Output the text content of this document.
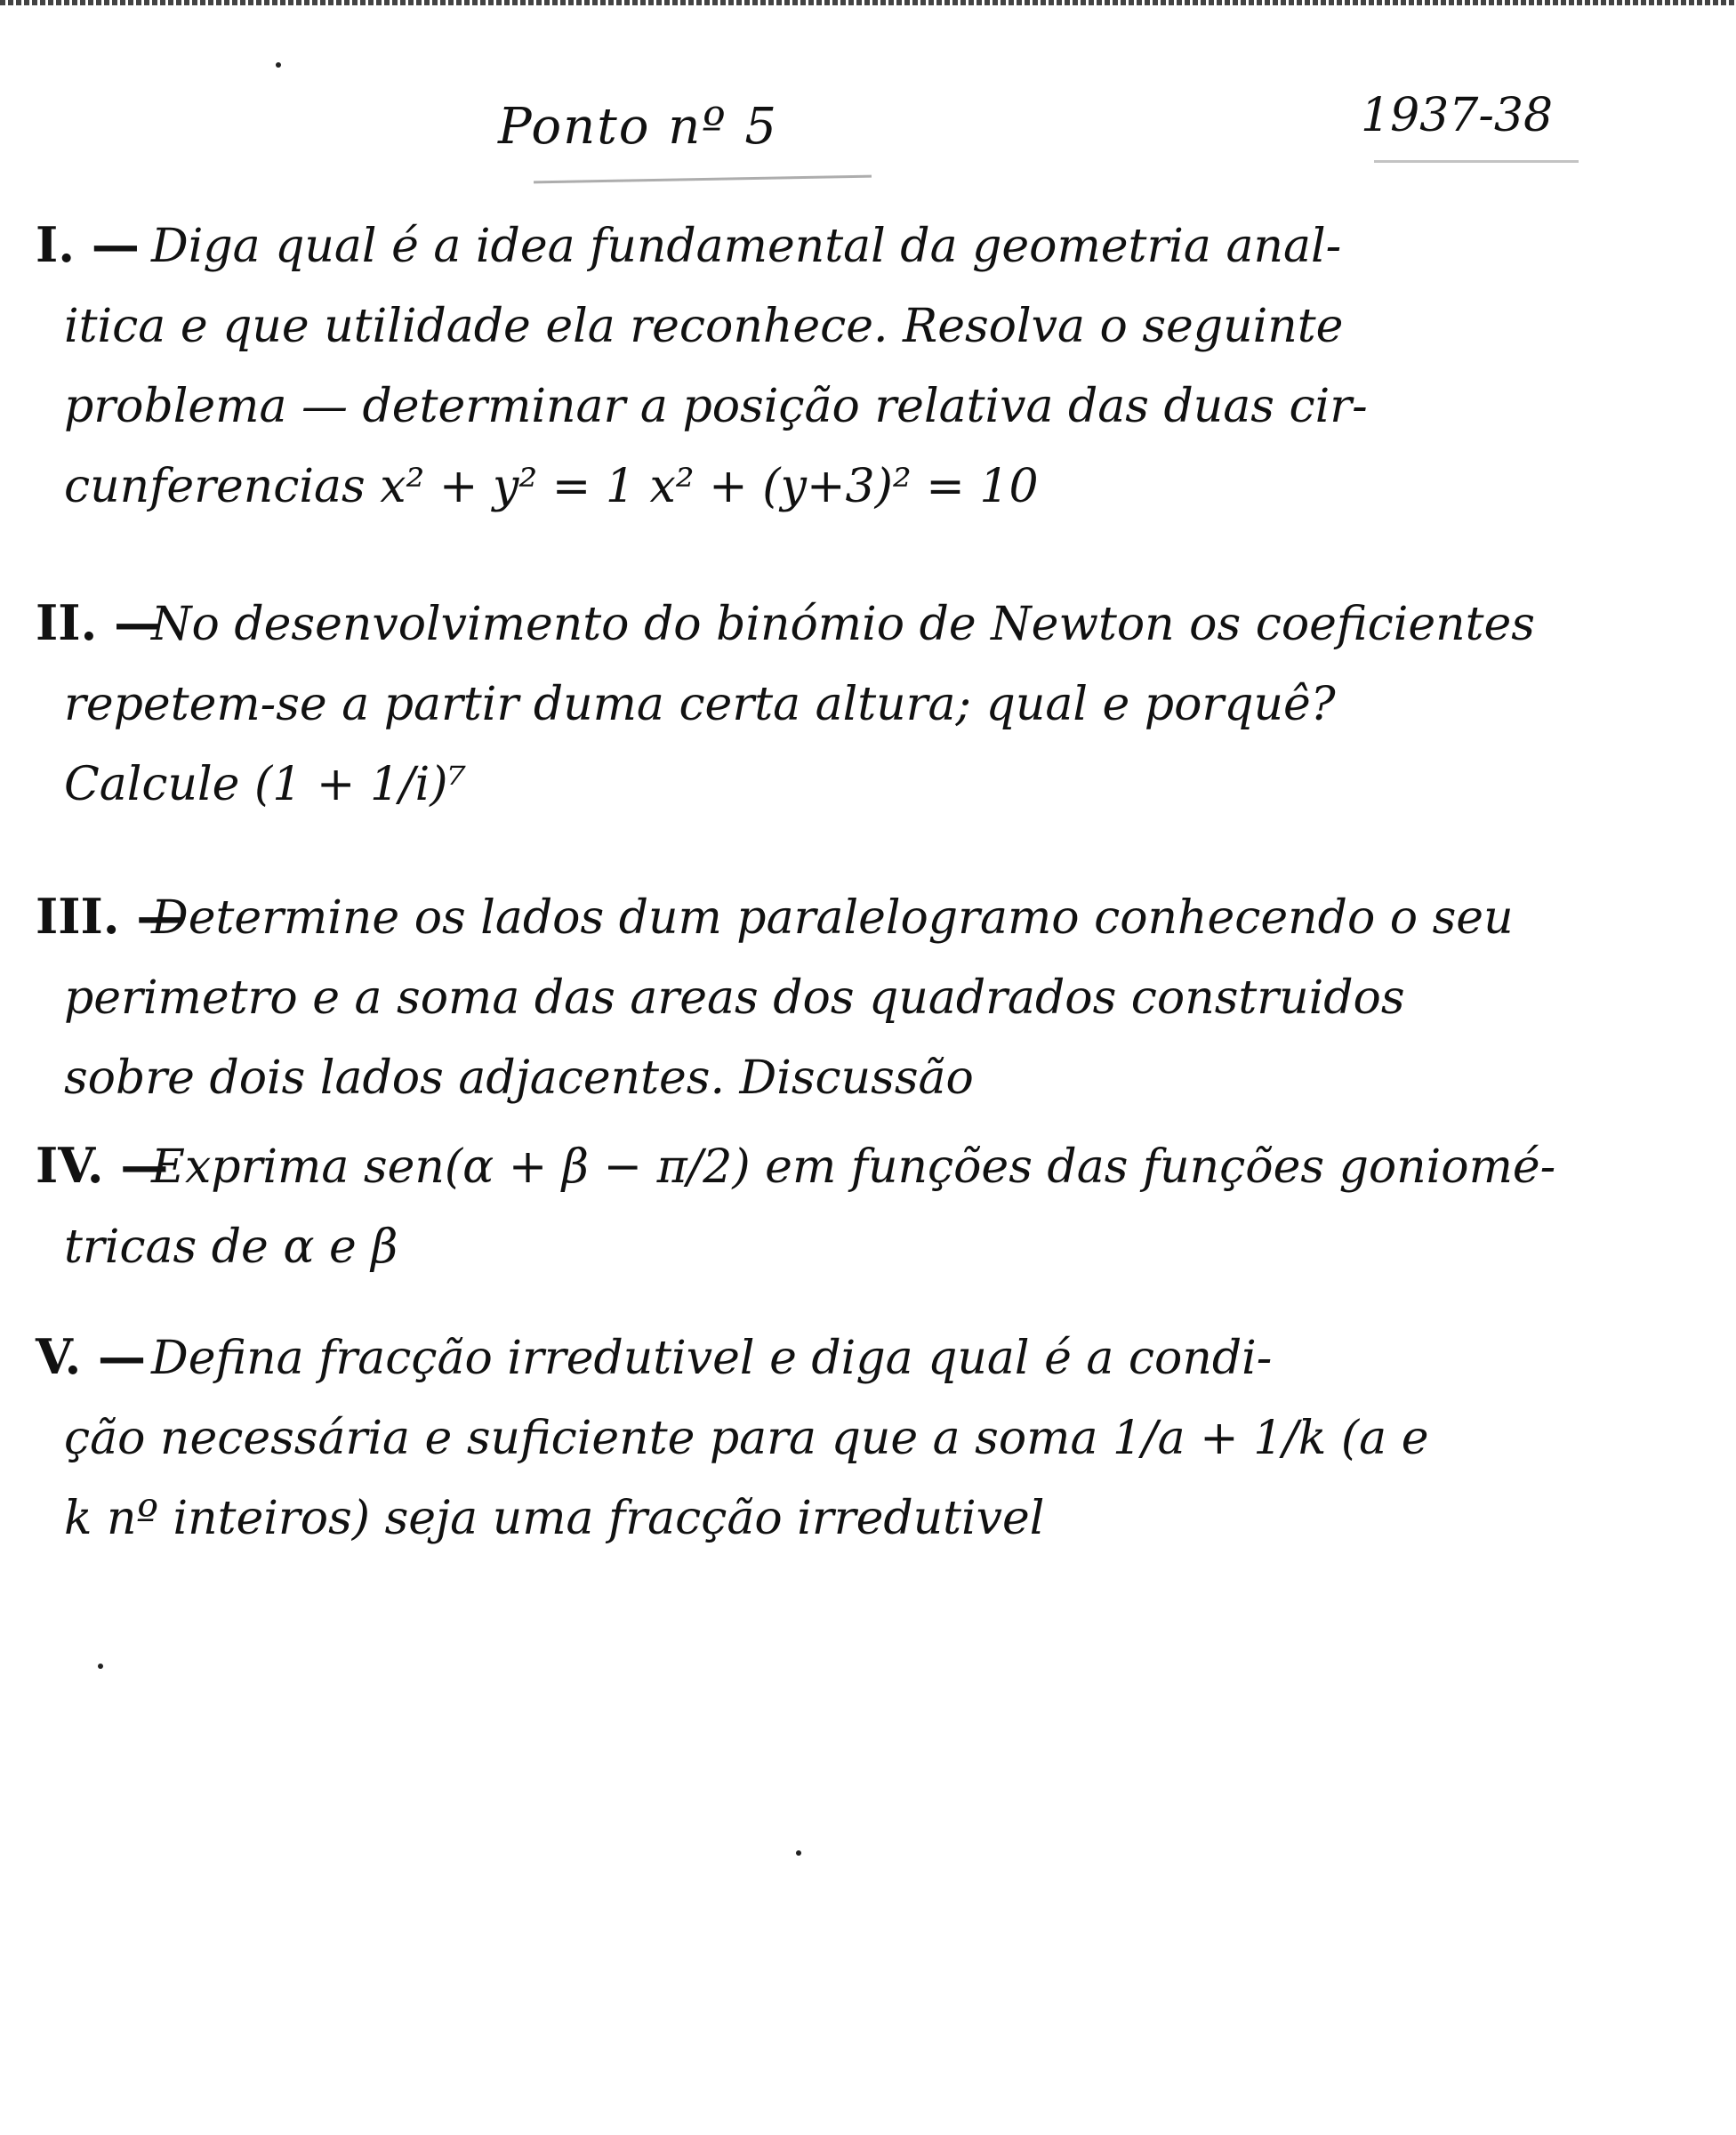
Ponto nº 5	1937-38
I. — Diga qual é a idea fundamental da geometria anal-
itica e que utilidade ela reconhece. Resolva o seguinte
problema — determinar a posição relativa das duas cir-
cunferencias x² + y² = 1 x² + (y+3)² = 10
II. —
No desenvolvimento do binómio de Newton os coeficientes
repetem-se a partir duma certa altura; qual e porquê?
Calcule (1 + 1/i)⁷
III. —
Determine os lados dum paralelogramo conhecendo o seu
perimetro e a soma das areas dos quadrados construidos
sobre dois lados adjacentes. Discussão
IV. —
Exprima sen(α + β − π/2) em funções das funções goniomé-
tricas de α e β
V. — Defina fracção irredutivel e diga qual é a condi-
ção necessária e suficiente para que a soma 1/a + 1/k (a e
k nº inteiros) seja uma fracção irredutivel
